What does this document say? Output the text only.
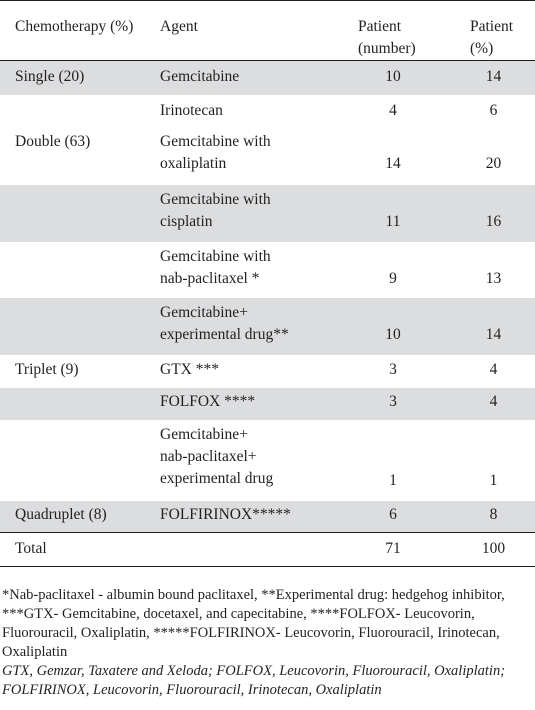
Chemotherapy (%)	Agent	Patient (number)	Patient (%)
Single (20)	Gemcitabine	10	14
	Irinotecan	4	6
Double (63)	Gemcitabine with
oxaliplatin	14	20

	Gemcitabine with
cisplatin	11	16

	Gemcitabine with
nab-paclitaxel *	9	13

	Gemcitabine+
experimental drug**	10	14
Triplet (9)	GTX ***	3	4
	FOLFOX ****	3	4

	Gemcitabine+
nab-paclitaxel+
experimental drug	1	1
Quadruplet (8)	FOLFIRINOX*****	6	8
Total		71	100

*Nab-paclitaxel - albumin bound paclitaxel, **Experimental drug: hedgehog inhibitor, ***GTX- Gemcitabine, docetaxel, and capecitabine, ****FOLFOX- Leucovorin, Fluorouracil, Oxaliplatin, *****FOLFIRINOX- Leucovorin, Fluorouracil, Irinotecan, Oxaliplatin

GTX, Gemzar, Taxatere and Xeloda; FOLFOX, Leucovorin, Fluorouracil, Oxaliplatin; FOLFIRINOX, Leucovorin, Fluorouracil, Irinotecan, Oxaliplatin
